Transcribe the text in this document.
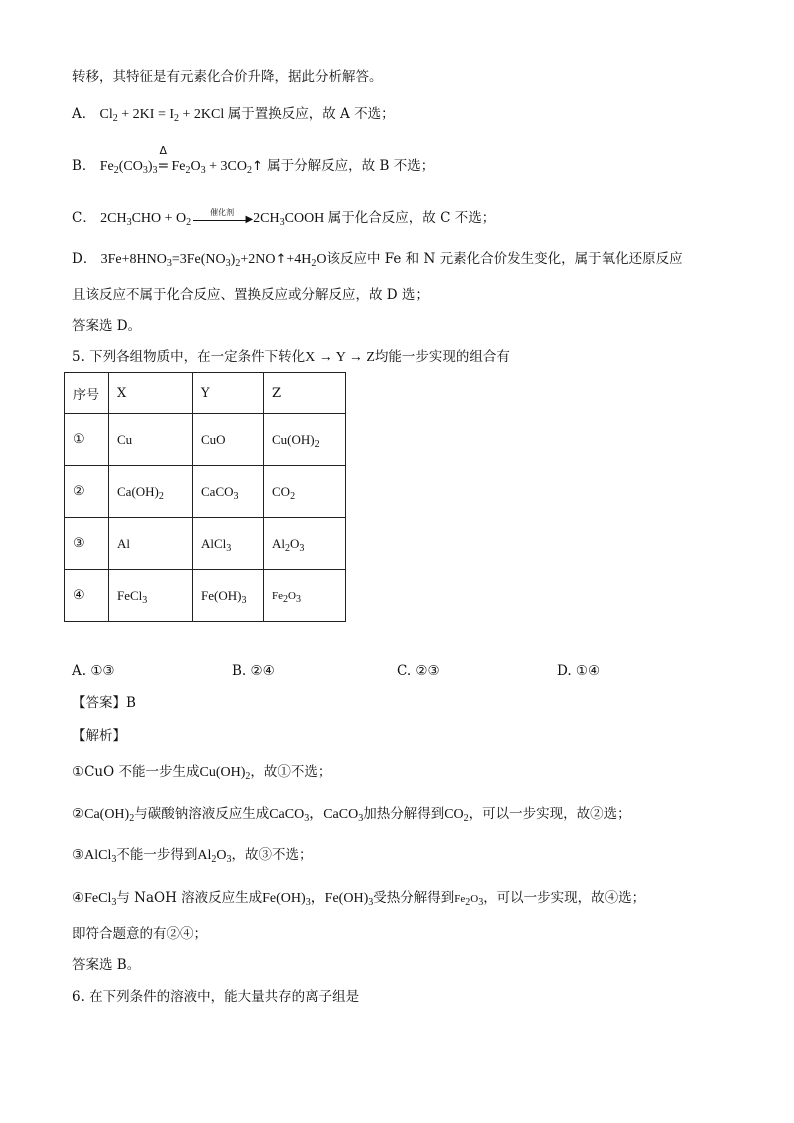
转移，其特征是有元素化合价升降，据此分析解答。
A． $Cl_2 + 2KI = I_2 + 2KCl$ 属于置换反应，故 A 不选；
B． $Fe_2(CO_3)_3$
Δ
= $Fe_2O_3$ + $3CO_2↑$ 属于分解反应，故 B 不选；
C． $2CH_3CHO + O_2$
催化剂
▶ $2CH_3COOH$ 属于化合反应，故 C 不选；
D． $3Fe+8HNO_3=3Fe(NO_3)_2+2NO↑+4H_2O$该反应中 Fe 和 N 元素化合价发生变化，属于氧化还原反应
且该反应不属于化合反应、置换反应或分解反应，故 D 选；
答案选 D。
5. 下列各组物质中，在一定条件下转化X → Y → Z均能一步实现的组合有
序号	X	Y	Z
①	Cu	CuO	$Cu(OH)_2$
②	$Ca(OH)_2$	CaCO$_3$	$CO_2$
③	Al	AlCl$_3$	$Al_2O_3$
④	FeCl$_3$	$Fe(OH)_3$	$Fe_2O_3$
A. ①③	B. ②④	C. ②③	D. ①④
【答案】B
【解析】
①CuO 不能一步生成$Cu(OH)_2$，故①不选；
$②Ca(OH)_2$与碳酸钠溶液反应生成CaCO$_3$，CaCO$_3$加热分解得到$CO_2$，可以一步实现，故②选；
③AlCl$_3$不能一步得到$Al_2O_3$，故③不选；
④FeCl$_3$与 NaOH 溶液反应生成$Fe(OH)_3$，$Fe(OH)_3$受热分解得到$Fe_2O_3$，可以一步实现，故④选；
即符合题意的有②④；
答案选 B。
6. 在下列条件的溶液中，能大量共存的离子组是
